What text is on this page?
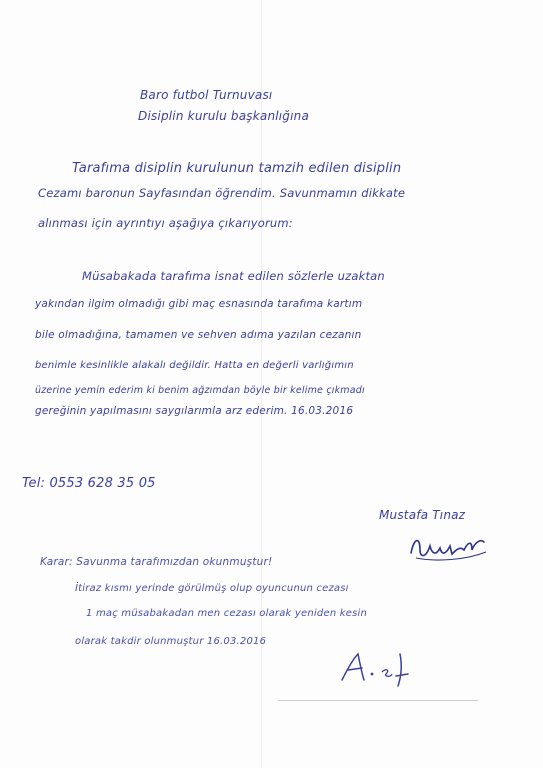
Baro futbol Turnuvası
Disiplin kurulu başkanlığına
Tarafıma disiplin kurulunun tamzih edilen disiplin
Cezamı baronun Sayfasından öğrendim. Savunmamın dikkate
alınması için ayrıntıyı aşağıya çıkarıyorum:
Müsabakada tarafıma isnat edilen sözlerle uzaktan
yakından ilgim olmadığı gibi maç esnasında tarafıma kartım
bile olmadığına, tamamen ve sehven adıma yazılan cezanın
benimle kesinlikle alakalı değildir. Hatta en değerli varlığımın
üzerine yemin ederim ki benim ağzımdan böyle bir kelime çıkmadı
gereğinin yapılmasını saygılarımla arz ederim. 16.03.2016
Tel: 0553 628 35 05
Mustafa Tınaz
Karar: Savunma tarafımızdan okunmuştur!
İtiraz kısmı yerinde görülmüş olup oyuncunun cezası
1 maç müsabakadan men cezası olarak yeniden kesin
olarak takdir olunmuştur 16.03.2016
